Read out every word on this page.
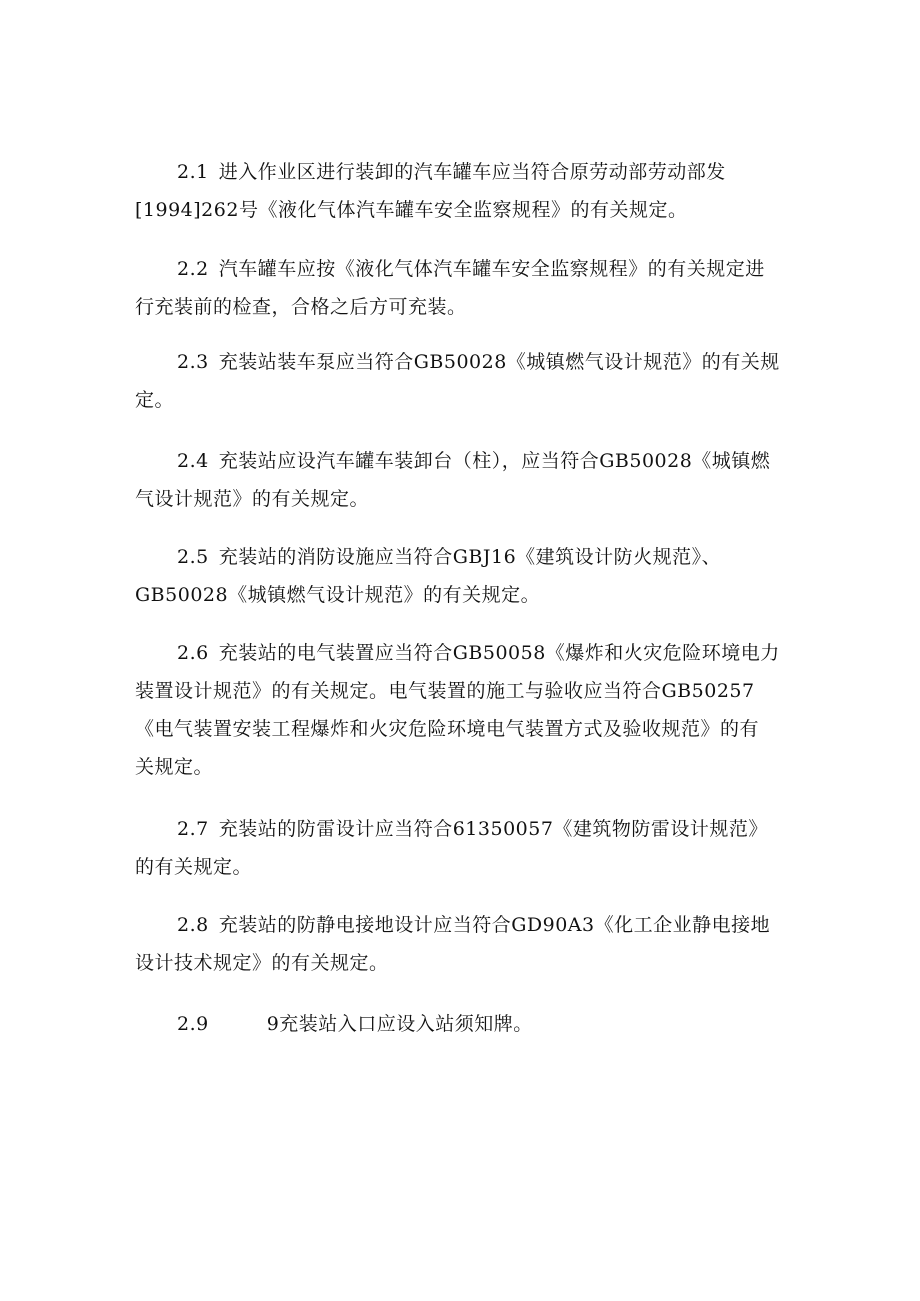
2.1 进入作业区进行装卸的汽车罐车应当符合原劳动部劳动部发
[1994]262号《液化气体汽车罐车安全监察规程》的有关规定。
2.2 汽车罐车应按《液化气体汽车罐车安全监察规程》的有关规定进
行充装前的检查，合格之后方可充装。
2.3 充装站装车泵应当符合GB50028《城镇燃气设计规范》的有关规
定。
2.4 充装站应设汽车罐车装卸台（柱），应当符合GB50028《城镇燃
气设计规范》的有关规定。
2.5 充装站的消防设施应当符合GBJ16《建筑设计防火规范》、
GB50028《城镇燃气设计规范》的有关规定。
2.6 充装站的电气装置应当符合GB50058《爆炸和火灾危险环境电力
装置设计规范》的有关规定。电气装置的施工与验收应当符合GB50257
《电气装置安装工程爆炸和火灾危险环境电气装置方式及验收规范》的有
关规定。
2.7 充装站的防雷设计应当符合61350057《建筑物防雷设计规范》
的有关规定。
2.8 充装站的防静电接地设计应当符合GD90A3《化工企业静电接地
设计技术规定》的有关规定。
2.9	9充装站入口应设入站须知牌。
